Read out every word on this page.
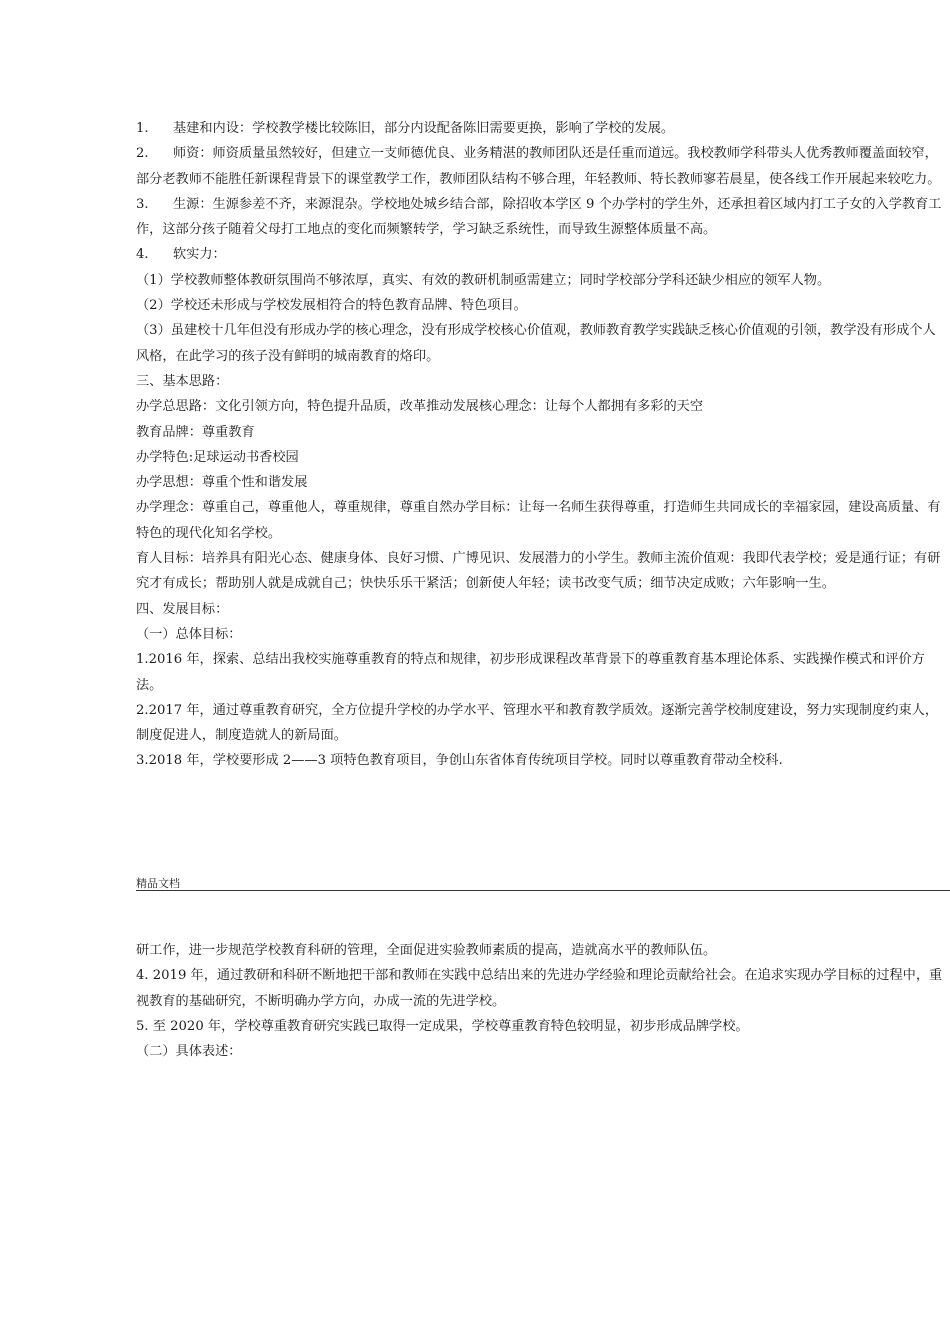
1. 基建和内设：学校教学楼比较陈旧，部分内设配备陈旧需要更换，影响了学校的发展。

2. 师资：师资质量虽然较好，但建立一支师德优良、业务精湛的教师团队还是任重而道远。我校教师学科带头人优秀教师覆盖面较窄，部分老教师不能胜任新课程背景下的课堂教学工作，教师团队结构不够合理，年轻教师、特长教师寥若晨星，使各线工作开展起来较吃力。

3. 生源：生源参差不齐，来源混杂。学校地处城乡结合部，除招收本学区 9 个办学村的学生外，还承担着区域内打工子女的入学教育工作，这部分孩子随着父母打工地点的变化而频繁转学，学习缺乏系统性，而导致生源整体质量不高。

4. 软实力：

（1）学校教师整体教研氛围尚不够浓厚，真实、有效的教研机制亟需建立；同时学校部分学科还缺少相应的领军人物。

（2）学校还未形成与学校发展相符合的特色教育品牌、特色项目。

（3）虽建校十几年但没有形成办学的核心理念，没有形成学校核心价值观，教师教育教学实践缺乏核心价值观的引领，教学没有形成个人风格，在此学习的孩子没有鲜明的城南教育的烙印。

三、基本思路：

办学总思路：文化引领方向，特色提升品质，改革推动发展核心理念：让每个人都拥有多彩的天空

教育品牌：尊重教育

办学特色:足球运动书香校园

办学思想：尊重个性和谐发展

办学理念：尊重自己，尊重他人，尊重规律，尊重自然办学目标：让每一名师生获得尊重，打造师生共同成长的幸福家园，建设高质量、有特色的现代化知名学校。

育人目标：培养具有阳光心态、健康身体、良好习惯、广博见识、发展潜力的小学生。教师主流价值观：我即代表学校；爱是通行证；有研究才有成长；帮助别人就是成就自己；快快乐乐干紧活；创新使人年轻；读书改变气质；细节决定成败；六年影响一生。

四、发展目标：

（一）总体目标：

1.2016 年，探索、总结出我校实施尊重教育的特点和规律，初步形成课程改革背景下的尊重教育基本理论体系、实践操作模式和评价方法。

2.2017 年，通过尊重教育研究，全方位提升学校的办学水平、管理水平和教育教学质效。逐渐完善学校制度建设，努力实现制度约束人，制度促进人，制度造就人的新局面。

3.2018 年，学校要形成 2——3 项特色教育项目，争创山东省体育传统项目学校。同时以尊重教育带动全校科.

精品文档

研工作，进一步规范学校教育科研的管理，全面促进实验教师素质的提高，造就高水平的教师队伍。

4. 2019 年，通过教研和科研不断地把干部和教师在实践中总结出来的先进办学经验和理论贡献给社会。在追求实现办学目标的过程中，重视教育的基础研究，不断明确办学方向，办成一流的先进学校。

5. 至 2020 年，学校尊重教育研究实践已取得一定成果，学校尊重教育特色较明显，初步形成品牌学校。

（二）具体表述：
